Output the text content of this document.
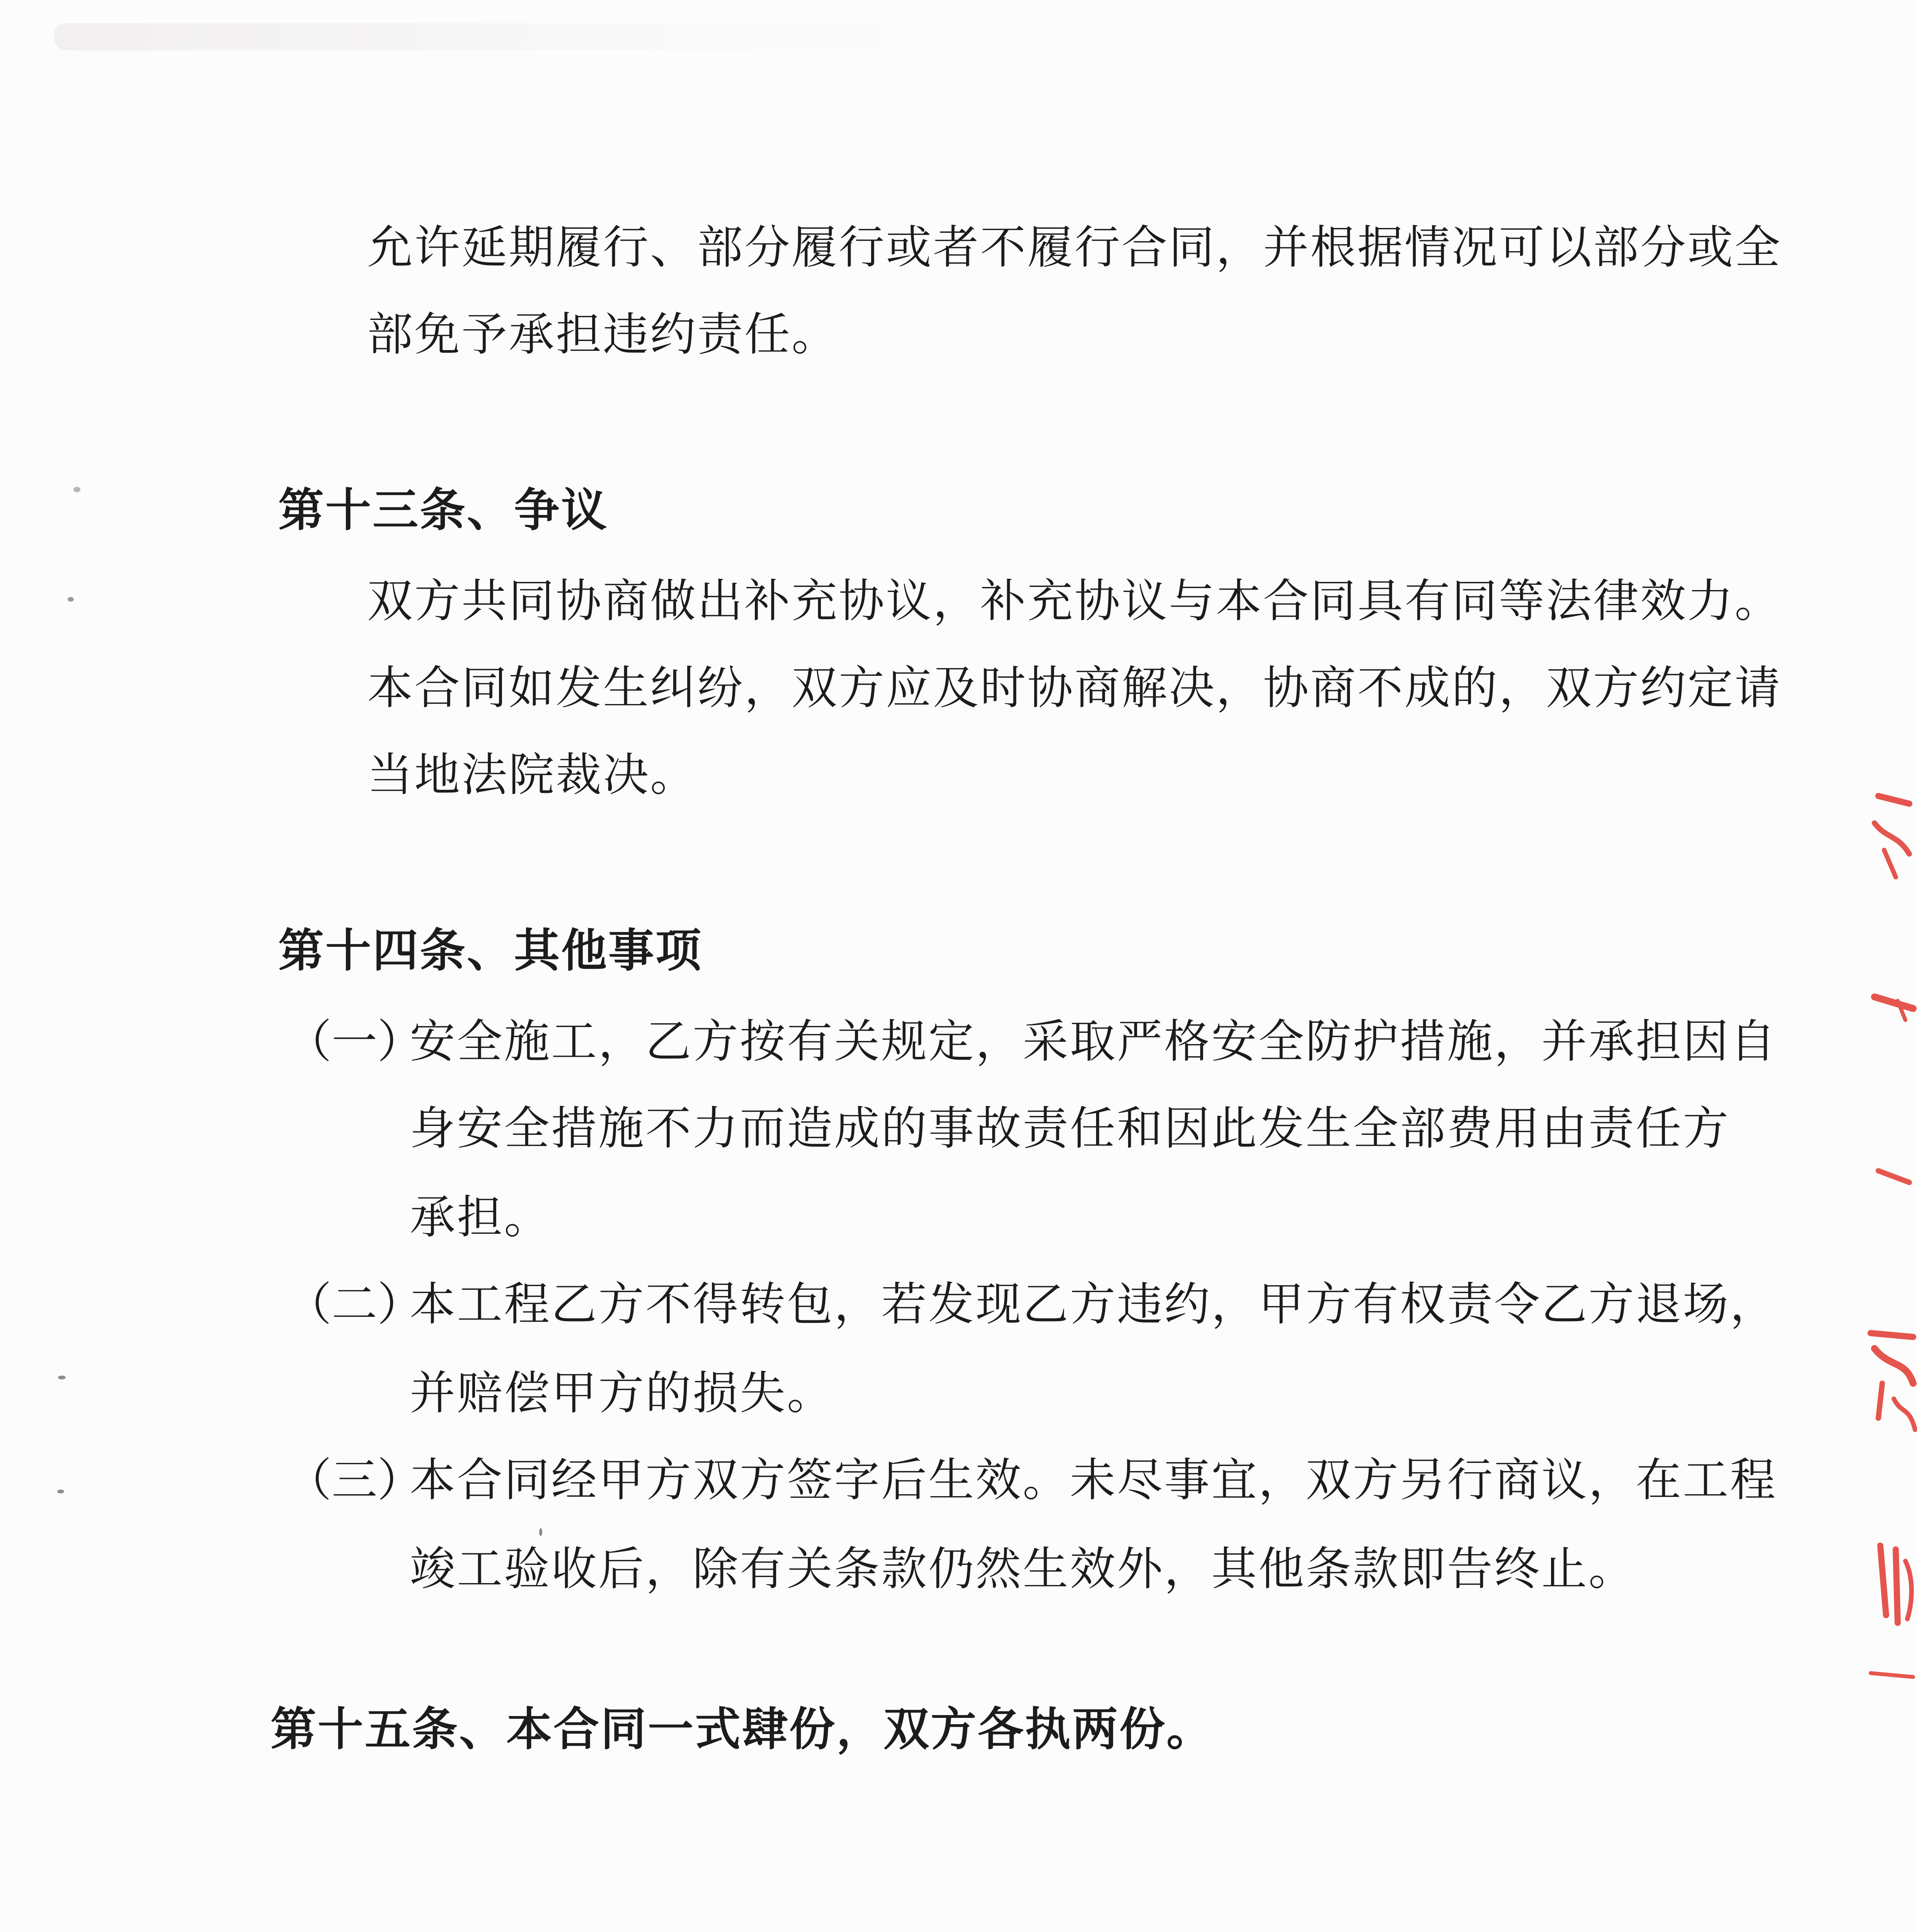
允许延期履行、部分履行或者不履行合同，并根据情况可以部分或全
部免予承担违约责任。
第十三条、争议
双方共同协商做出补充协议，补充协议与本合同具有同等法律效力。
本合同如发生纠纷，双方应及时协商解决，协商不成的，双方约定请
当地法院裁决。
第十四条、其他事项
（一）
安全施工，乙方按有关规定，采取严格安全防护措施，并承担因自
身安全措施不力而造成的事故责任和因此发生全部费用由责任方
承担。
（二）
本工程乙方不得转包，若发现乙方违约，甲方有权责令乙方退场，
并赔偿甲方的损失。
（三）
本合同经甲方双方签字后生效。未尽事宜，双方另行商议，在工程
竣工验收后，除有关条款仍然生效外，其他条款即告终止。
第十五条、本合同一式肆份，双方各执两份。
